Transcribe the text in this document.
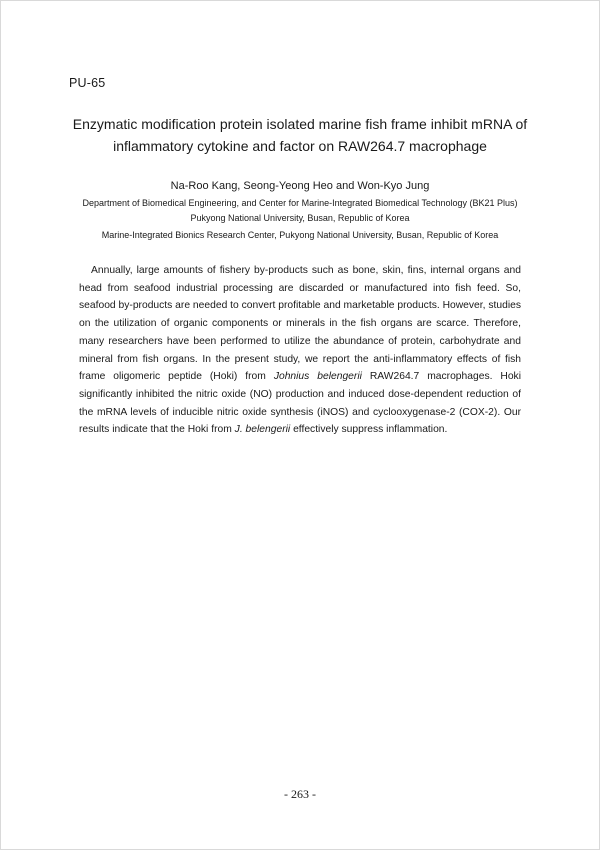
PU-65
Enzymatic modification protein isolated marine fish frame inhibit mRNA of inflammatory cytokine and factor on RAW264.7 macrophage
Na-Roo Kang, Seong-Yeong Heo and Won-Kyo Jung
Department of Biomedical Engineering, and Center for Marine-Integrated Biomedical Technology (BK21 Plus)
Pukyong National University, Busan, Republic of Korea
Marine-Integrated Bionics Research Center, Pukyong National University, Busan, Republic of Korea

Annually, large amounts of fishery by-products such as bone, skin, fins, internal organs and head from seafood industrial processing are discarded or manufactured into fish feed. So, seafood by-products are needed to convert profitable and marketable products. However, studies on the utilization of organic components or minerals in the fish organs are scarce. Therefore, many researchers have been performed to utilize the abundance of protein, carbohydrate and mineral from fish organs. In the present study, we report the anti-inflammatory effects of fish frame oligomeric peptide (Hoki) from Johnius belengerii RAW264.7 macrophages. Hoki significantly inhibited the nitric oxide (NO) production and induced dose-dependent reduction of the mRNA levels of inducible nitric oxide synthesis (iNOS) and cyclooxygenase-2 (COX-2). Our results indicate that the Hoki from J. belengerii effectively suppress inflammation.

- 263 -
